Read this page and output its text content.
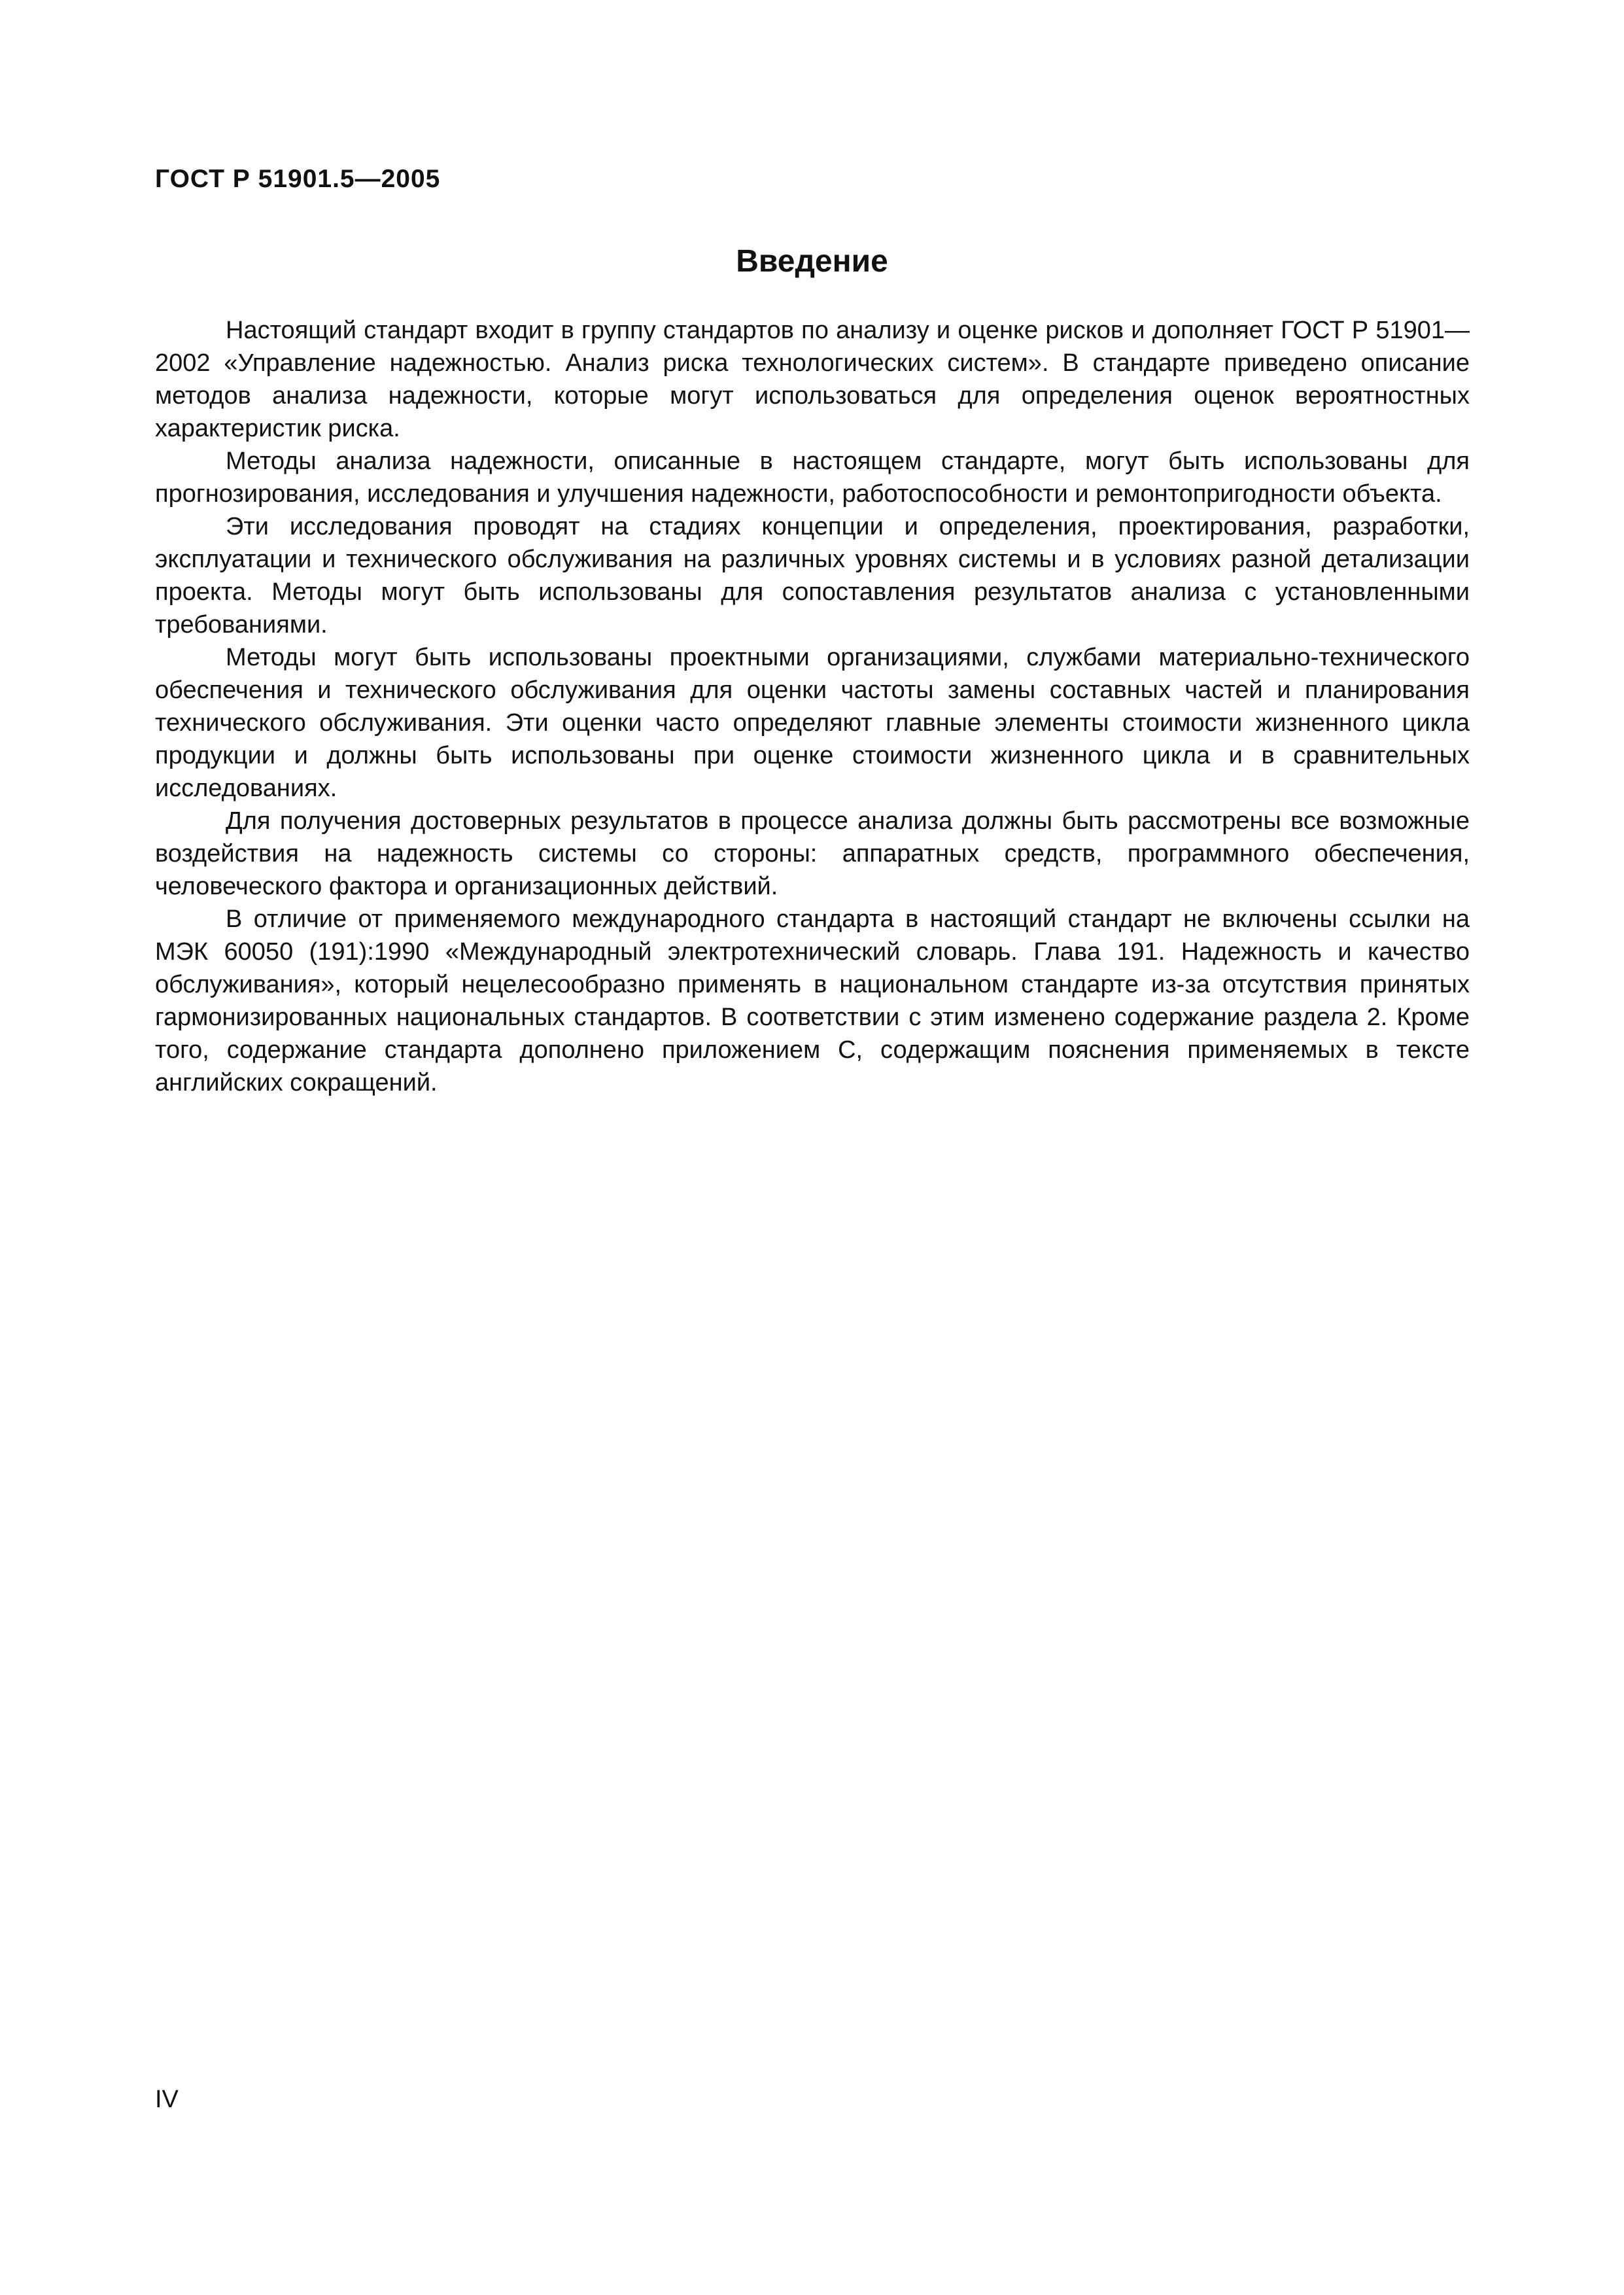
ГОСТ Р 51901.5—2005
Введение

Настоящий стандарт входит в группу стандартов по анализу и оценке рисков и дополняет ГОСТ Р 51901—2002 «Управление надежностью. Анализ риска технологических систем». В стандарте приведено описание методов анализа надежности, которые могут использоваться для определения оценок вероятностных характеристик риска.

Методы анализа надежности, описанные в настоящем стандарте, могут быть использованы для прогнозирования, исследования и улучшения надежности, работоспособности и ремонтопригодности объекта.

Эти исследования проводят на стадиях концепции и определения, проектирования, разработки, эксплуатации и технического обслуживания на различных уровнях системы и в условиях разной детализации проекта. Методы могут быть использованы для сопоставления результатов анализа с установленными требованиями.

Методы могут быть использованы проектными организациями, службами материально-технического обеспечения и технического обслуживания для оценки частоты замены составных частей и планирования технического обслуживания. Эти оценки часто определяют главные элементы стоимости жизненного цикла продукции и должны быть использованы при оценке стоимости жизненного цикла и в сравнительных исследованиях.

Для получения достоверных результатов в процессе анализа должны быть рассмотрены все возможные воздействия на надежность системы со стороны: аппаратных средств, программного обеспечения, человеческого фактора и организационных действий.

В отличие от применяемого международного стандарта в настоящий стандарт не включены ссылки на МЭК 60050 (191):1990 «Международный электротехнический словарь. Глава 191. Надежность и качество обслуживания», который нецелесообразно применять в национальном стандарте из-за отсутствия принятых гармонизированных национальных стандартов. В соответствии с этим изменено содержание раздела 2. Кроме того, содержание стандарта дополнено приложением С, содержащим пояснения применяемых в тексте английских сокращений.

IV
